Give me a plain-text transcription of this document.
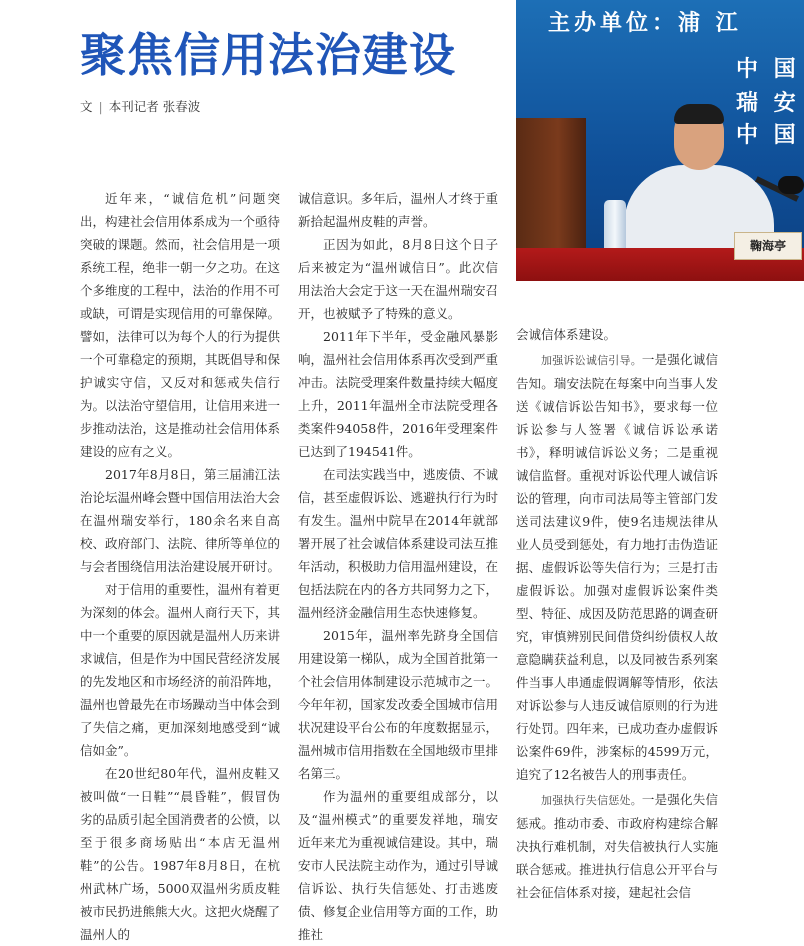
聚焦信用法治建设
文 | 本刊记者 张春波
主办单位：浦 江
中 国
瑞 安
中 国
鞠海亭

近年来，“诚信危机”问题突出，构建社会信用体系成为一个亟待突破的课题。然而，社会信用是一项系统工程，绝非一朝一夕之功。在这个多维度的工程中，法治的作用不可或缺，可谓是实现信用的可靠保障。譬如，法律可以为每个人的行为提供一个可靠稳定的预期，其既倡导和保护诚实守信，又反对和惩戒失信行为。以法治守望信用，让信用来进一步推动法治，这是推动社会信用体系建设的应有之义。

2017年8月8日，第三届浦江法治论坛温州峰会暨中国信用法治大会在温州瑞安举行，180余名来自高校、政府部门、法院、律所等单位的与会者围绕信用法治建设展开研讨。

对于信用的重要性，温州有着更为深刻的体会。温州人商行天下，其中一个重要的原因就是温州人历来讲求诚信，但是作为中国民营经济发展的先发地区和市场经济的前沿阵地，温州也曾最先在市场躁动当中体会到了失信之痛，更加深刻地感受到“诚信如金”。

在20世纪80年代，温州皮鞋又被叫做“一日鞋”“晨昏鞋”，假冒伪劣的品质引起全国消费者的公愤，以至于很多商场贴出“本店无温州鞋”的公告。1987年8月8日，在杭州武林广场，5000双温州劣质皮鞋被市民扔进熊熊大火。这把火烧醒了温州人的

诚信意识。多年后，温州人才终于重新拾起温州皮鞋的声誉。

正因为如此，8月8日这个日子后来被定为“温州诚信日”。此次信用法治大会定于这一天在温州瑞安召开，也被赋予了特殊的意义。

2011年下半年，受金融风暴影响，温州社会信用体系再次受到严重冲击。法院受理案件数量持续大幅度上升，2011年温州全市法院受理各类案件94058件，2016年受理案件已达到了194541件。

在司法实践当中，逃废债、不诚信，甚至虚假诉讼、逃避执行行为时有发生。温州中院早在2014年就部署开展了社会诚信体系建设司法互推年活动，积极助力信用温州建设，在包括法院在内的各方共同努力之下，温州经济金融信用生态快速修复。

2015年，温州率先跻身全国信用建设第一梯队，成为全国首批第一个社会信用体制建设示范城市之一。今年年初，国家发改委全国城市信用状况建设平台公布的年度数据显示，温州城市信用指数在全国地级市里排名第三。

作为温州的重要组成部分，以及“温州模式”的重要发祥地，瑞安近年来尤为重视诚信建设。其中，瑞安市人民法院主动作为，通过引导诚信诉讼、执行失信惩处、打击逃废债、修复企业信用等方面的工作，助推社

会诚信体系建设。

加强诉讼诚信引导。一是强化诚信告知。瑞安法院在每案中向当事人发送《诚信诉讼告知书》，要求每一位诉讼参与人签署《诚信诉讼承诺书》，释明诚信诉讼义务；二是重视诚信监督。重视对诉讼代理人诚信诉讼的管理，向市司法局等主管部门发送司法建议9件，使9名违规法律从业人员受到惩处，有力地打击伪造证据、虚假诉讼等失信行为；三是打击虚假诉讼。加强对虚假诉讼案件类型、特征、成因及防范思路的调查研究，审慎辨别民间借贷纠纷债权人故意隐瞒获益利息，以及同被告系列案件当事人串通虚假调解等情形，依法对诉讼参与人违反诚信原则的行为进行处罚。四年来，已成功查办虚假诉讼案件69件，涉案标的4599万元，追究了12名被告人的刑事责任。

加强执行失信惩处。一是强化失信惩戒。推动市委、市政府构建综合解决执行难机制，对失信被执行人实施联合惩戒。推进执行信息公开平台与社会征信体系对接，建起社会信
